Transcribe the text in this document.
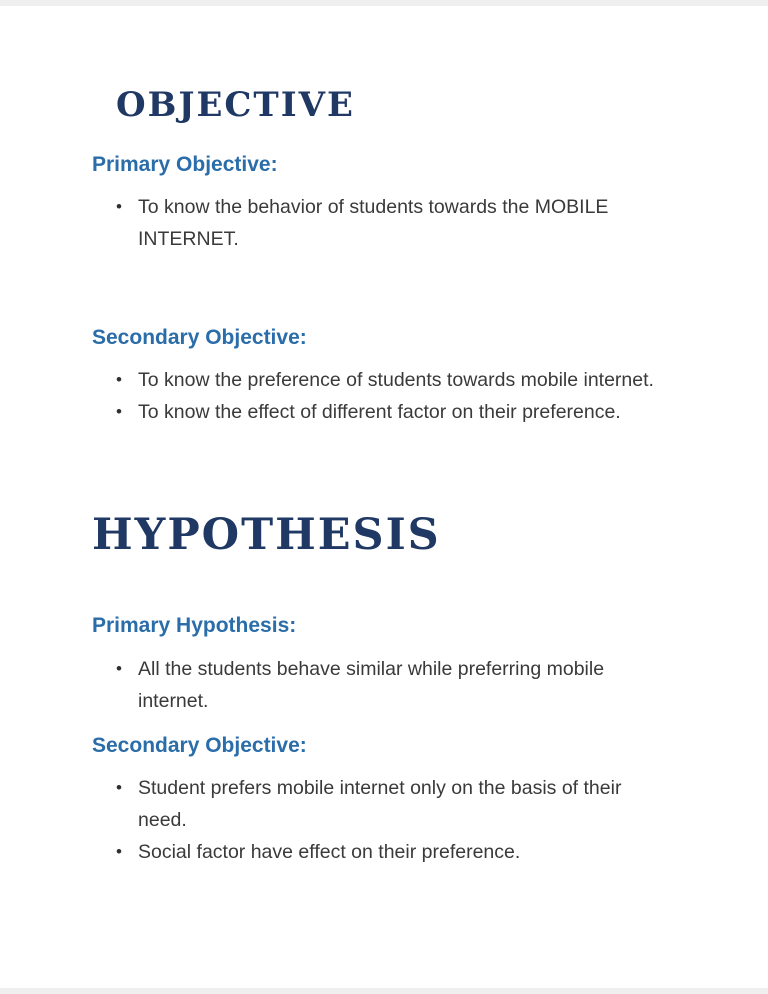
OBJECTIVE
Primary Objective:
• To know the behavior of students towards the MOBILE INTERNET.
Secondary Objective:
• To know the preference of students towards mobile internet.
• To know the effect of different factor on their preference.
HYPOTHESIS
Primary Hypothesis:
• All the students behave similar while preferring mobile internet.
Secondary Objective:
• Student prefers mobile internet only on the basis of their need.
• Social factor have effect on their preference.
